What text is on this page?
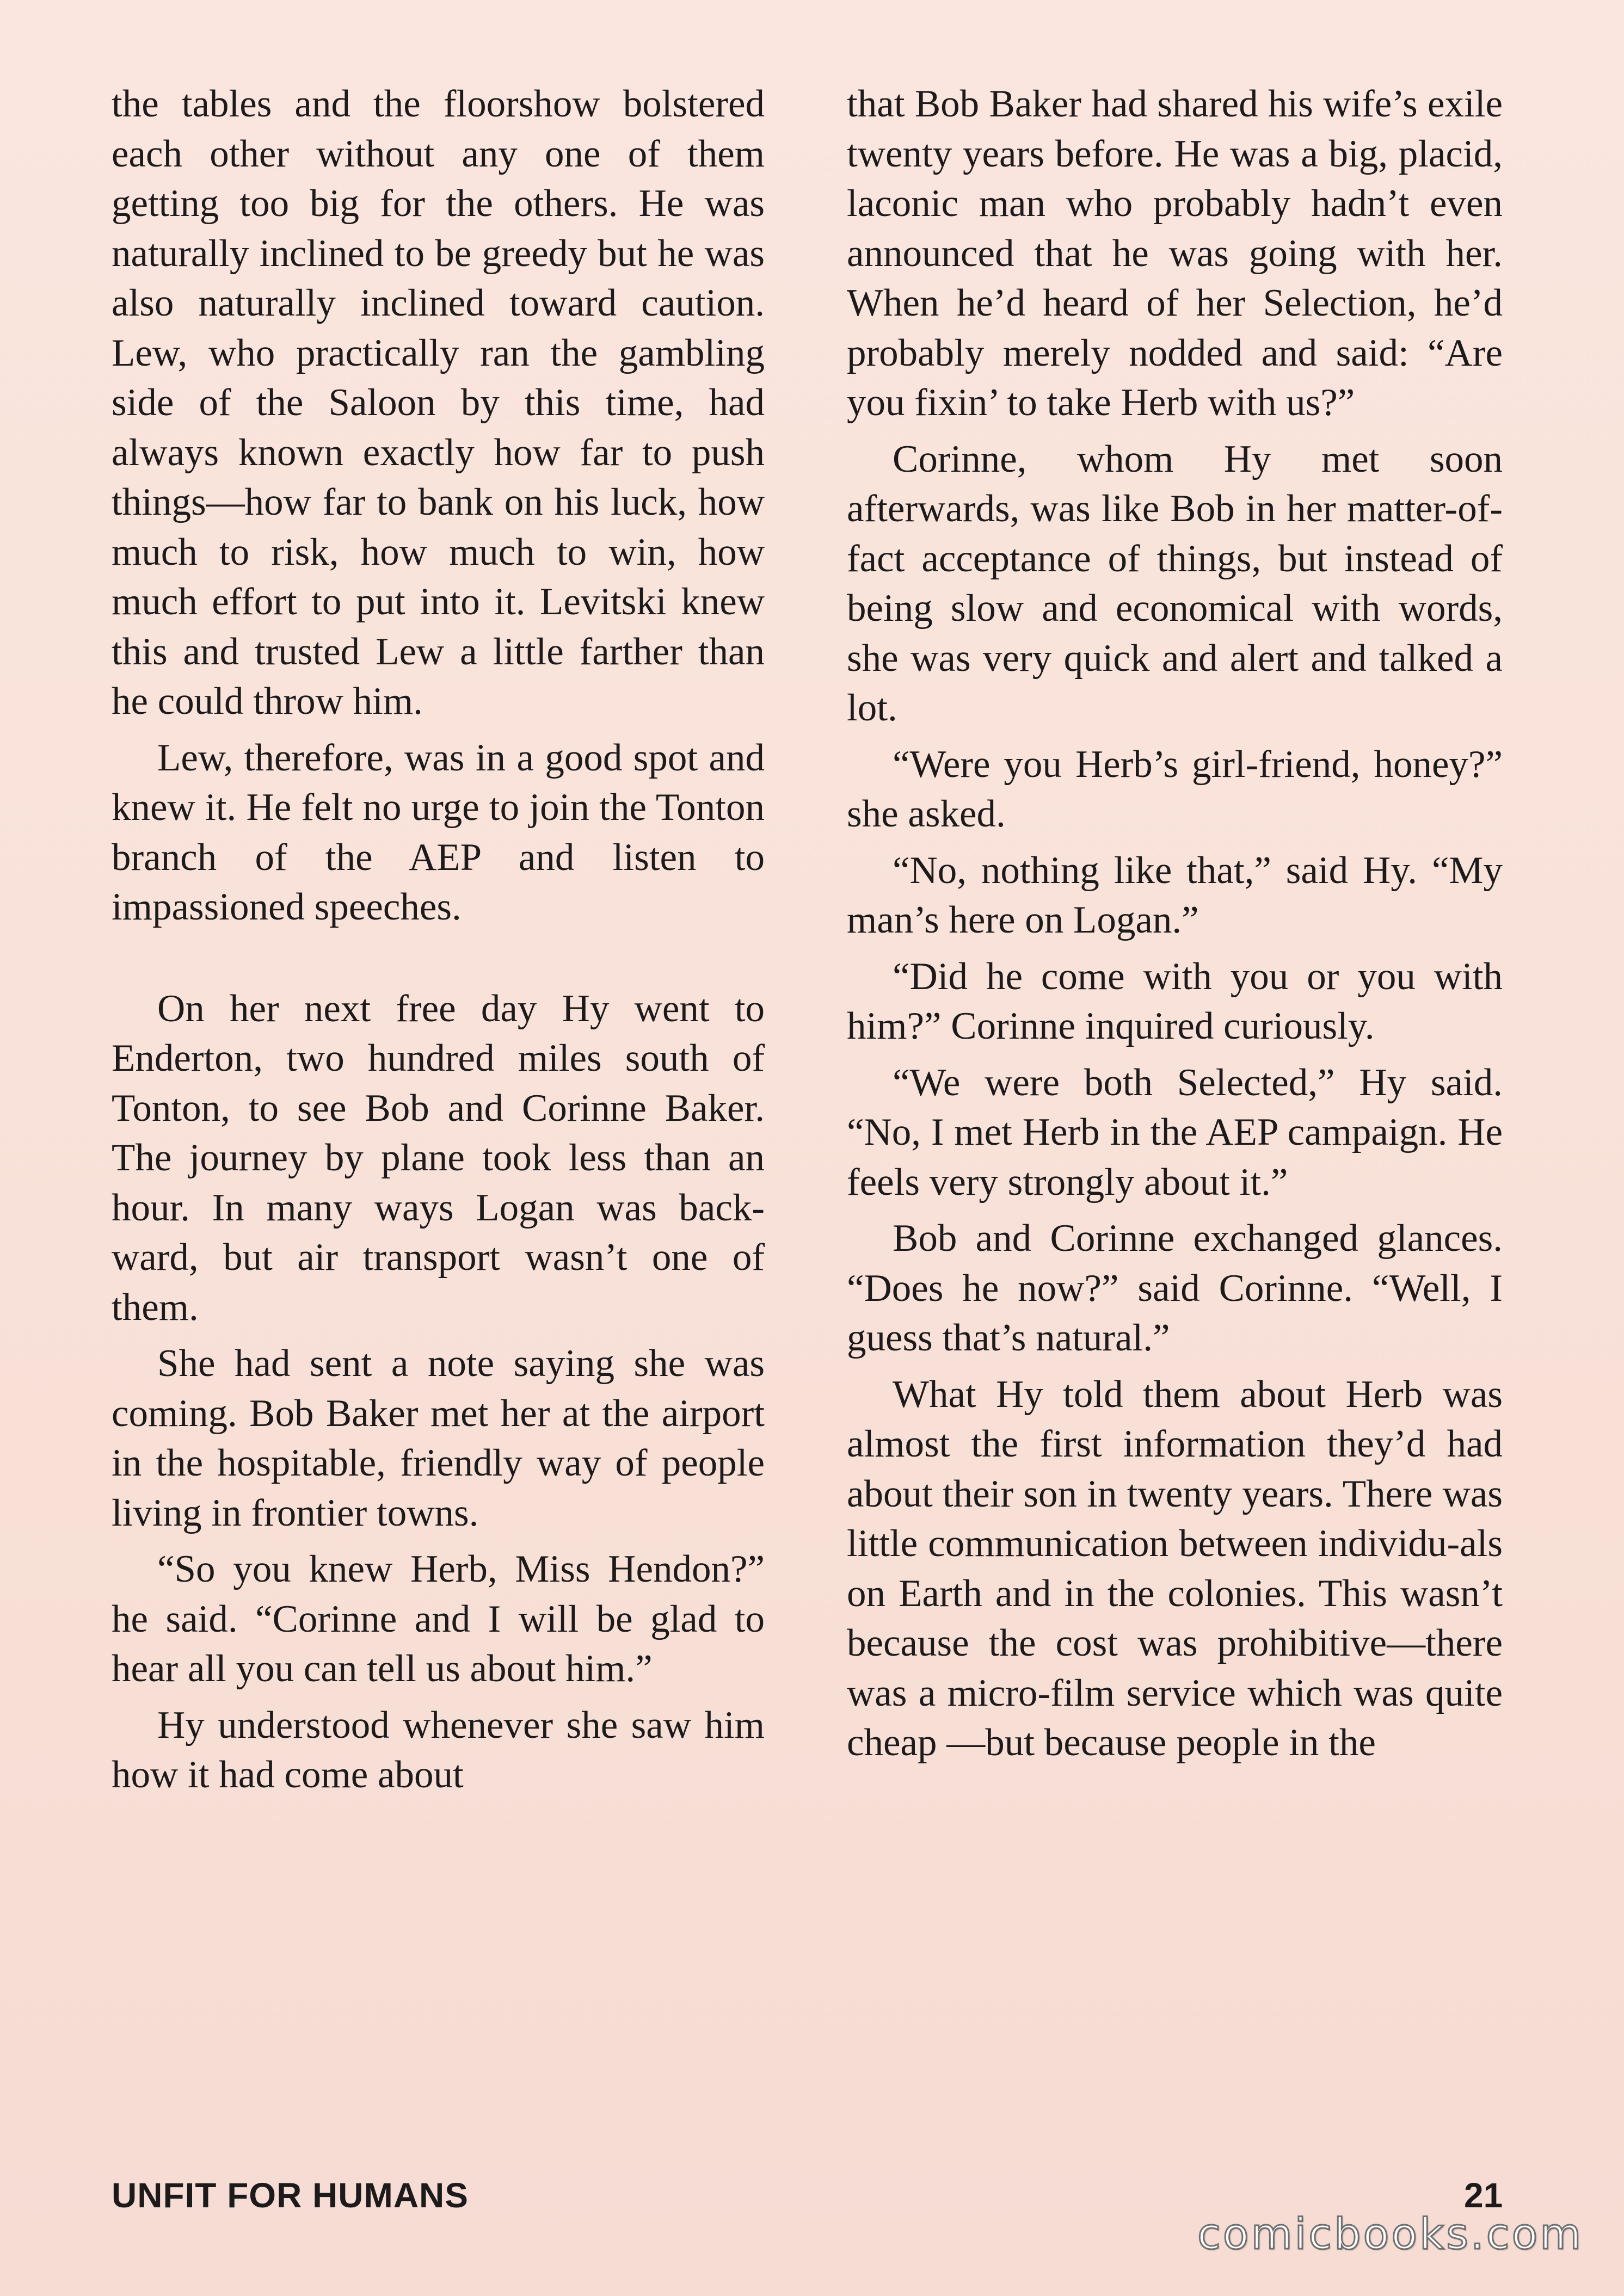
the tables and the floorshow bolstered each other without any one of them getting too big for the others. He was naturally inclined to be greedy but he was also naturally inclined toward caution. Lew, who practically ran the gambling side of the Saloon by this time, had always known exactly how far to push things—how far to bank on his luck, how much to risk, how much to win, how much effort to put into it. Levitski knew this and trusted Lew a little farther than he could throw him.

Lew, therefore, was in a good spot and knew it. He felt no urge to join the Tonton branch of the AEP and listen to impassioned speeches.

On her next free day Hy went to Enderton, two hundred miles south of Tonton, to see Bob and Corinne Baker. The journey by plane took less than an hour. In many ways Logan was back-ward, but air transport wasn’t one of them.

She had sent a note saying she was coming. Bob Baker met her at the airport in the hospitable, friendly way of people living in frontier towns.

“So you knew Herb, Miss Hendon?” he said. “Corinne and I will be glad to hear all you can tell us about him.”

Hy understood whenever she saw him how it had come about

that Bob Baker had shared his wife’s exile twenty years before. He was a big, placid, laconic man who probably hadn’t even announced that he was going with her. When he’d heard of her Selection, he’d probably merely nodded and said: “Are you fixin’ to take Herb with us?”

Corinne, whom Hy met soon afterwards, was like Bob in her matter-of-fact acceptance of things, but instead of being slow and economical with words, she was very quick and alert and talked a lot.

“Were you Herb’s girl-friend, honey?” she asked.

“No, nothing like that,” said Hy. “My man’s here on Logan.”

“Did he come with you or you with him?” Corinne inquired curiously.

“We were both Selected,” Hy said. “No, I met Herb in the AEP campaign. He feels very strongly about it.”

Bob and Corinne exchanged glances. “Does he now?” said Corinne. “Well, I guess that’s natural.”

What Hy told them about Herb was almost the first information they’d had about their son in twenty years. There was little communication between individu-als on Earth and in the colonies. This wasn’t because the cost was prohibitive—there was a micro-film service which was quite cheap —but because people in the

UNFIT FOR HUMANS	21
comicbooks.com
